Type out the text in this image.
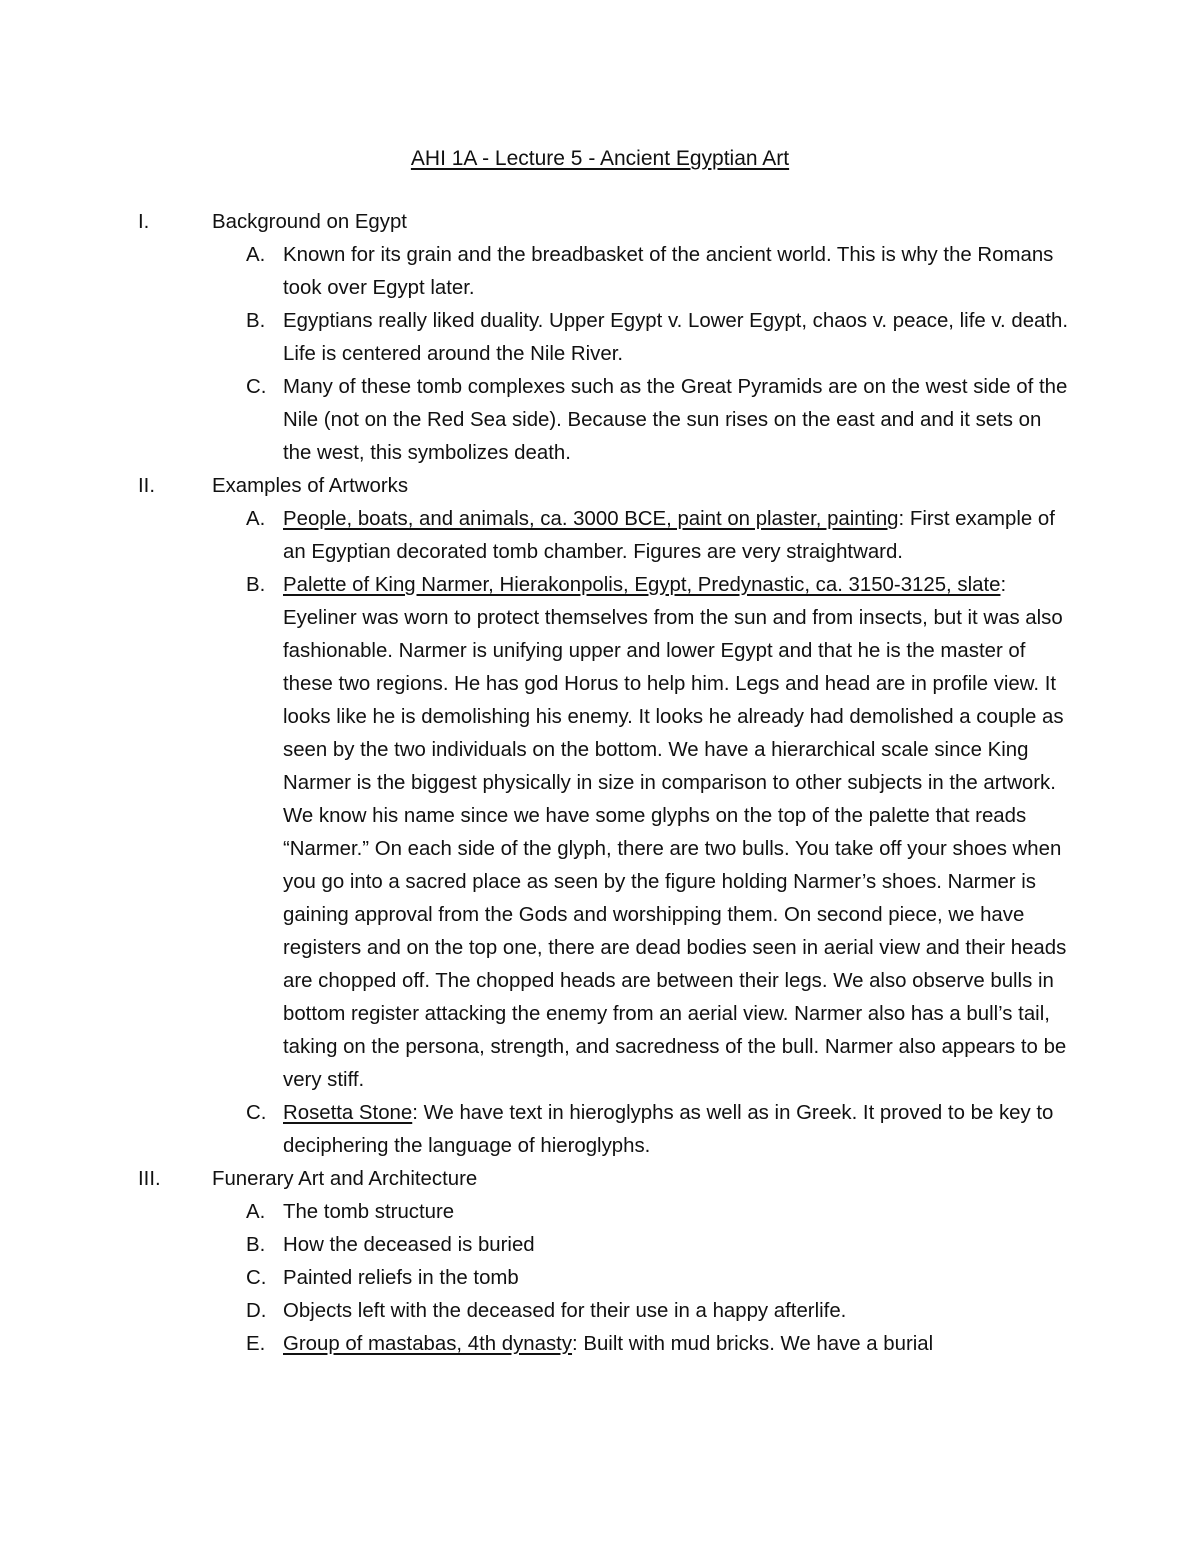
AHI 1A - Lecture 5 - Ancient Egyptian Art
I.	Background on Egypt
A. Known for its grain and the breadbasket of the ancient world. This is why the Romans took over Egypt later.
B. Egyptians really liked duality. Upper Egypt v. Lower Egypt, chaos v. peace, life v. death. Life is centered around the Nile River.
C. Many of these tomb complexes such as the Great Pyramids are on the west side of the Nile (not on the Red Sea side). Because the sun rises on the east and and it sets on the west, this symbolizes death.
II.	Examples of Artworks
A. People, boats, and animals, ca. 3000 BCE, paint on plaster, painting: First example of an Egyptian decorated tomb chamber. Figures are very straightward.
B. Palette of King Narmer, Hierakonpolis, Egypt, Predynastic, ca. 3150-3125, slate: Eyeliner was worn to protect themselves from the sun and from insects, but it was also fashionable. Narmer is unifying upper and lower Egypt and that he is the master of these two regions. He has god Horus to help him. Legs and head are in profile view. It looks like he is demolishing his enemy. It looks he already had demolished a couple as seen by the two individuals on the bottom. We have a hierarchical scale since King Narmer is the biggest physically in size in comparison to other subjects in the artwork. We know his name since we have some glyphs on the top of the palette that reads “Narmer.” On each side of the glyph, there are two bulls. You take off your shoes when you go into a sacred place as seen by the figure holding Narmer’s shoes. Narmer is gaining approval from the Gods and worshipping them. On second piece, we have registers and on the top one, there are dead bodies seen in aerial view and their heads are chopped off. The chopped heads are between their legs. We also observe bulls in bottom register attacking the enemy from an aerial view. Narmer also has a bull’s tail, taking on the persona, strength, and sacredness of the bull. Narmer also appears to be very stiff.
C. Rosetta Stone: We have text in hieroglyphs as well as in Greek. It proved to be key to deciphering the language of hieroglyphs.
III.	Funerary Art and Architecture
A. The tomb structure
B. How the deceased is buried
C. Painted reliefs in the tomb
D. Objects left with the deceased for their use in a happy afterlife.
E. Group of mastabas, 4th dynasty: Built with mud bricks. We have a burial
